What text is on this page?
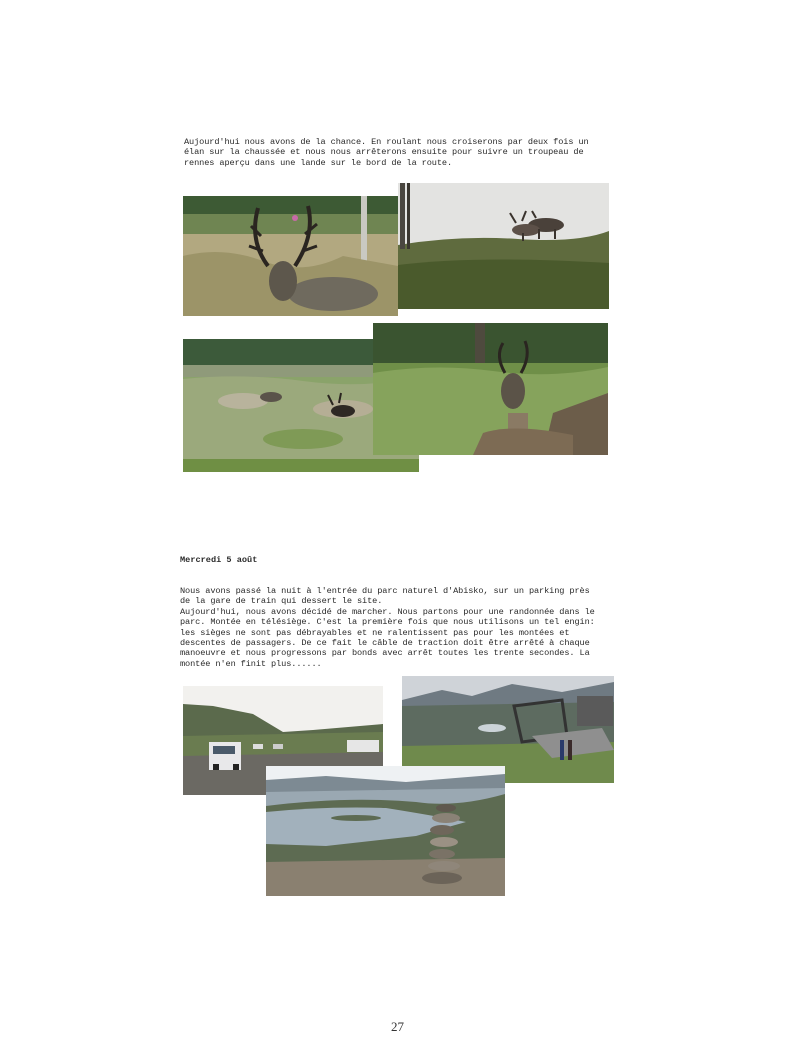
Aujourd'hui nous avons de la chance. En roulant nous croiserons par deux fois un
élan sur la chaussée et nous nous arrêterons ensuite pour suivre un troupeau de
rennes aperçu dans une lande sur le bord de la route.

Mercredi 5 août

Nous avons passé la nuit à l'entrée du parc naturel d'Abisko, sur un parking près
de la gare de train qui dessert le site.
Aujourd'hui, nous avons décidé de marcher. Nous partons pour une randonnée dans le
parc. Montée en télésiège. C'est la première fois que nous utilisons un tel engin:
les sièges ne sont pas débrayables et ne ralentissent pas pour les montées et
descentes de passagers. De ce fait le câble de traction doit être arrêté à chaque
manoeuvre et nous progressons par bonds avec arrêt toutes les trente secondes. La
montée n'en finit plus......

27
